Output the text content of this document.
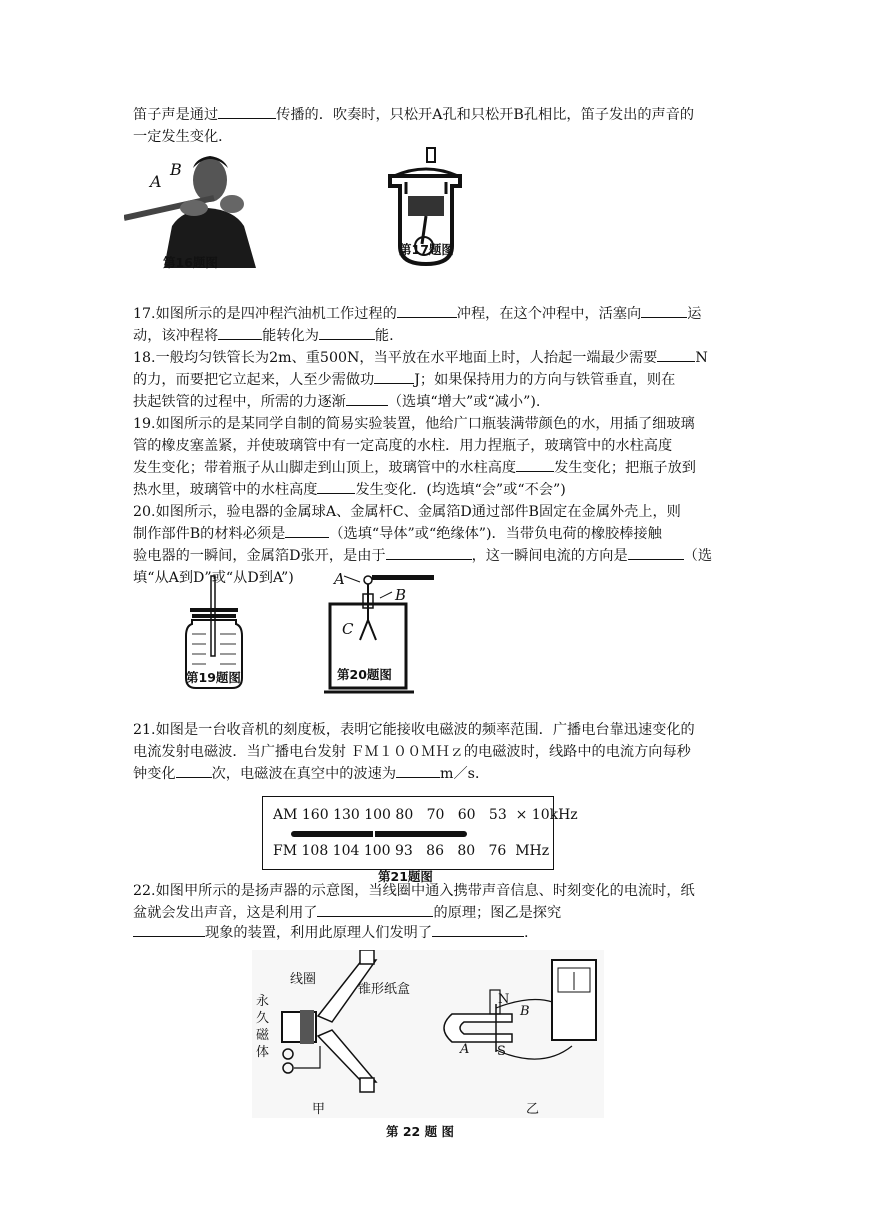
笛子声是通过	传播的．吹奏时，只松开A孔和只松开B孔相比，笛子发出的声音的
一定发生变化．
A
B
第16题图
第17题图
17.如图所示的是四冲程汽油机工作过程的	冲程，在这个冲程中，活塞向	运
动，该冲程将	能转化为	能.
18.一般均匀铁管长为2m、重500N，当平放在水平地面上时，人抬起一端最少需要	N
的力，而要把它立起来，人至少需做功	J；如果保持用力的方向与铁管垂直，则在
扶起铁管的过程中，所需的力逐渐	（选填“增大”或“减小”).
19.如图所示的是某同学自制的简易实验装置，他给广口瓶装满带颜色的水，用插了细玻璃
管的橡皮塞盖紧，并使玻璃管中有一定高度的水柱．用力捏瓶子，玻璃管中的水柱高度
发生变化；带着瓶子从山脚走到山顶上，玻璃管中的水柱高度	发生变化；把瓶子放到
热水里，玻璃管中的水柱高度	发生变化．(均选填“会”或“不会”)
20.如图所示，验电器的金属球A、金属杆C、金属箔D通过部件B固定在金属外壳上，则
制作部件B的材料必须是	（选填“导体”或“绝缘体”)．当带负电荷的橡胶棒接触
验电器的一瞬间，金属箔D张开，是由于	，这一瞬间电流的方向是	（选
填“从A到D”或“从D到A”)
第19题图
A
B
C
第20题图
21.如图是一台收音机的刻度板，表明它能接收电磁波的频率范围．广播电台靠迅速变化的
电流发射电磁波．当广播电台发射 ＦＭ１００ＭＨｚ的电磁波时，线路中的电流方向每秒
钟变化	次，电磁波在真空中的波速为	m／s．
AM 160 130 100 80   70   60   53  × 10kHz
FM 108 104 100 93   86   80   76  MHz
第21题图
22.如图甲所示的是扬声器的示意图，当线圈中通入携带声音信息、时刻变化的电流时，纸
盆就会发出声音，这是利用了	的原理；图乙是探究
现象的装置，利用此原理人们发明了	.
线圈
锥形纸盒
永
久
磁
体
N
B
A S
甲	乙
第 22 题 图
